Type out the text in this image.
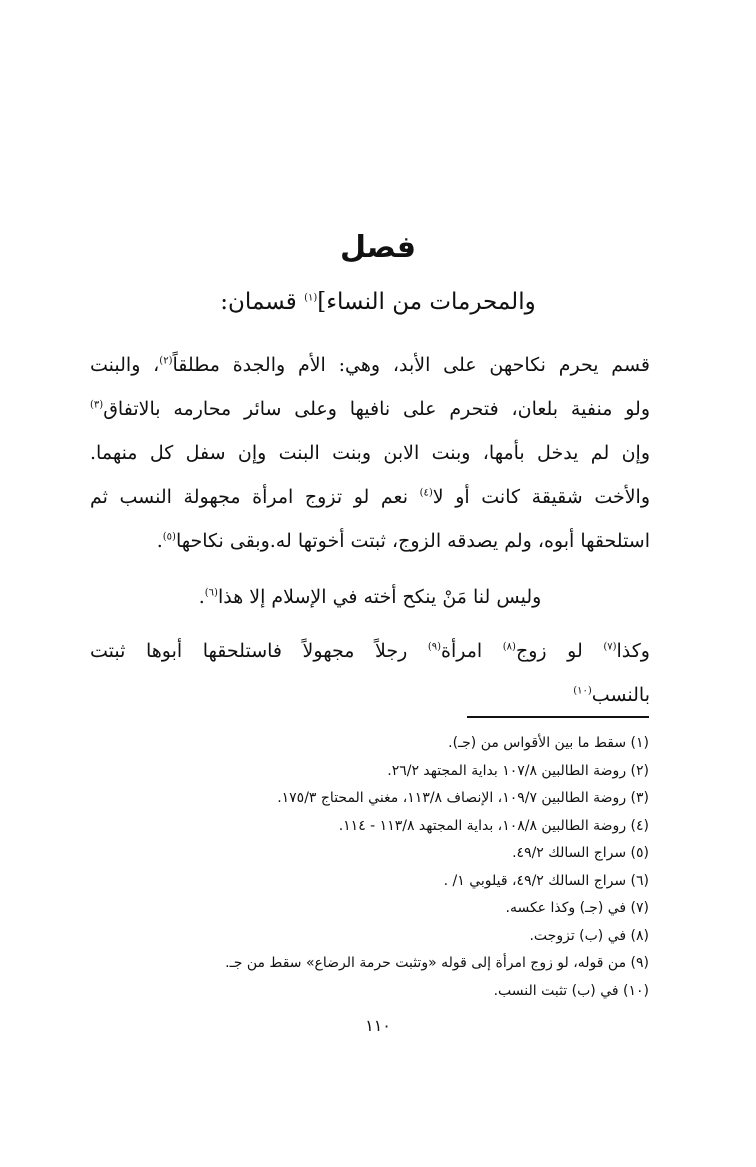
فصل
والمحرمات من النساء]$^{(١)}$ قسمان:

قسم يحرم نكاحهن على الأبد، وهي: الأم والجدة مطلقاً$^{(٢)}$، والبنت

ولو منفية بلعان، فتحرم على نافيها وعلى سائر محارمه بالاتفاق$^{(٣)}$

وإن لم يدخل بأمها، وبنت الابن وبنت البنت وإن سفل كل منهما.

والأخت شقيقة كانت أو لا$^{(٤)}$ نعم لو تزوج امرأة مجهولة النسب ثم

استلحقها أبوه، ولم يصدقه الزوج، ثبتت أخوتها له.وبقى نكاحها$^{(٥)}$.

وليس لنا مَنْ ينكح أخته في الإسلام إلا هذا$^{(٦)}$.

وكذا$^{(٧)}$ لو زوج$^{(٨)}$ امرأة$^{(٩)}$ رجلاً مجهولاً فاستلحقها أبوها ثبتت

بالنسب$^{(١٠)}$

(١) سقط ما بين الأقواس من (جـ).
(٢) روضة الطالبين ١٠٧/٨ بداية المجتهد ٢٦/٢.
(٣) روضة الطالبين ١٠٩/٧، الإنصاف ١١٣/٨، مغني المحتاج ١٧٥/٣.
(٤) روضة الطالبين ١٠٨/٨، بداية المجتهد ١١٣/٨ - ١١٤.
(٥) سراج السالك ٤٩/٢.
(٦) سراج السالك ٤٩/٢، قيلوبي ١/ .
(٧) في (جـ) وكذا عكسه.
(٨) في (ب) تزوجت.
(٩) من قوله، لو زوج امرأة إلى قوله «وتثبت حرمة الرضاع» سقط من جـ.
(١٠) في (ب) تثبت النسب.
١١٠
